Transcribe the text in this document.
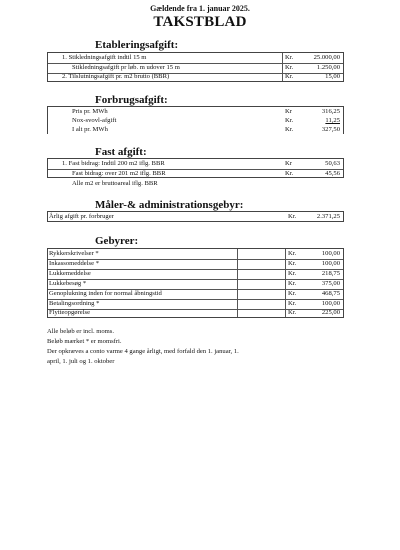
Gældende fra 1. januar 2025.
TAKSTBLAD
Etableringsafgift:
1. Stikledningsafgift indtil 15 m	Kr.	25.000,00
Stikledningsafgift pr løb. m udover 15 m	Kr.	1.250,00
2. Tilslutningsafgift pr. m2 brutto (BBR)	Kr.	15,00
Forbrugsafgift:
Pris pr. MWh	Kr	316,25
Nox-svovl-afgift	Kr.	11,25
I alt pr. MWh	Kr.	327,50
Fast afgift:
1. Fast bidrag: Indtil 200 m2 iflg. BBR	Kr	50,63
Fast bidrag: over 201 m2 iflg. BBR	Kr.	45,56
Alle m2 er bruttoareal iflg. BBR
Måler-& administrationsgebyr:
Årlig afgift pr. forbruger	Kr.	2.371,25
Gebyrer:
Rykkerskrivelser *	Kr.	100,00
Inkassomeddelse *	Kr.	100,00
Lukkemeddelse	Kr.	218,75
Lukkebesøg *	Kr.	375,00
Genoplukning inden for normal åbningstid	Kr.	468,75
Betalingsordning *	Kr.	100,00
Flytteopgørelse	Kr.	225,00
Alle beløb er incl. moms.
Beløb mærket * er momsfri.
Der opkræves a conto varme 4 gange årligt, med forfald den 1. januar, 1.
april, 1. juli og 1. oktober
